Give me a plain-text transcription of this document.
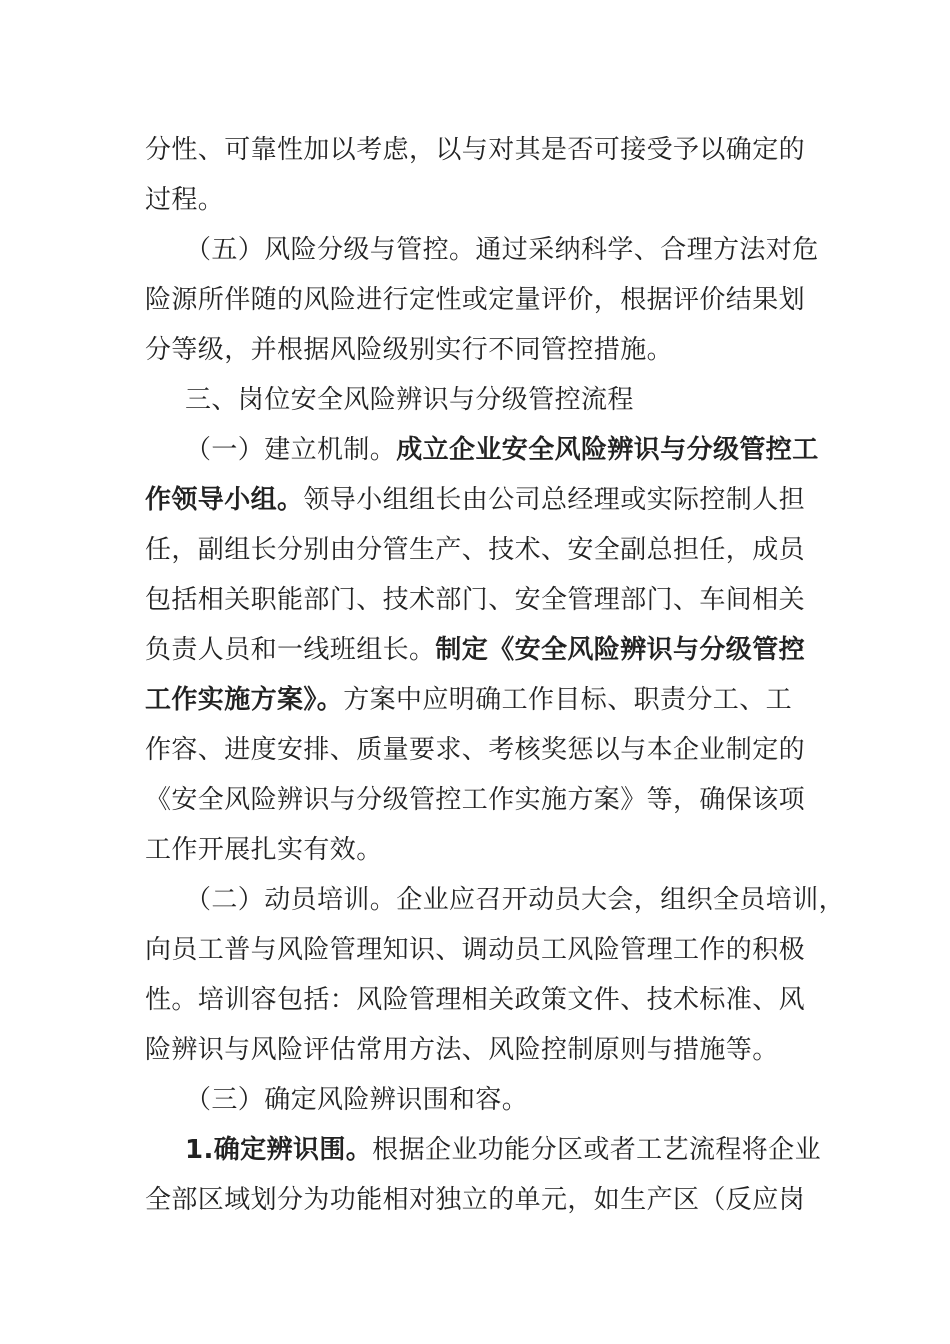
分性、可靠性加以考虑，以与对其是否可接受予以确定的
过程。
（五）风险分级与管控。通过采纳科学、合理方法对危
险源所伴随的风险进行定性或定量评价，根据评价结果划
分等级，并根据风险级别实行不同管控措施。
三、岗位安全风险辨识与分级管控流程
（一）建立机制。成立企业安全风险辨识与分级管控工
作领导小组。领导小组组长由公司总经理或实际控制人担
任，副组长分别由分管生产、技术、安全副总担任，成员
包括相关职能部门、技术部门、安全管理部门、车间相关
负责人员和一线班组长。制定《安全风险辨识与分级管控
工作实施方案》。方案中应明确工作目标、职责分工、工
作容、进度安排、质量要求、考核奖惩以与本企业制定的
《安全风险辨识与分级管控工作实施方案》等，确保该项
工作开展扎实有效。
（二）动员培训。企业应召开动员大会，组织全员培训，
向员工普与风险管理知识、调动员工风险管理工作的积极
性。培训容包括：风险管理相关政策文件、技术标准、风
险辨识与风险评估常用方法、风险控制原则与措施等。
（三）确定风险辨识围和容。
1.确定辨识围。根据企业功能分区或者工艺流程将企业
全部区域划分为功能相对独立的单元，如生产区（反应岗
